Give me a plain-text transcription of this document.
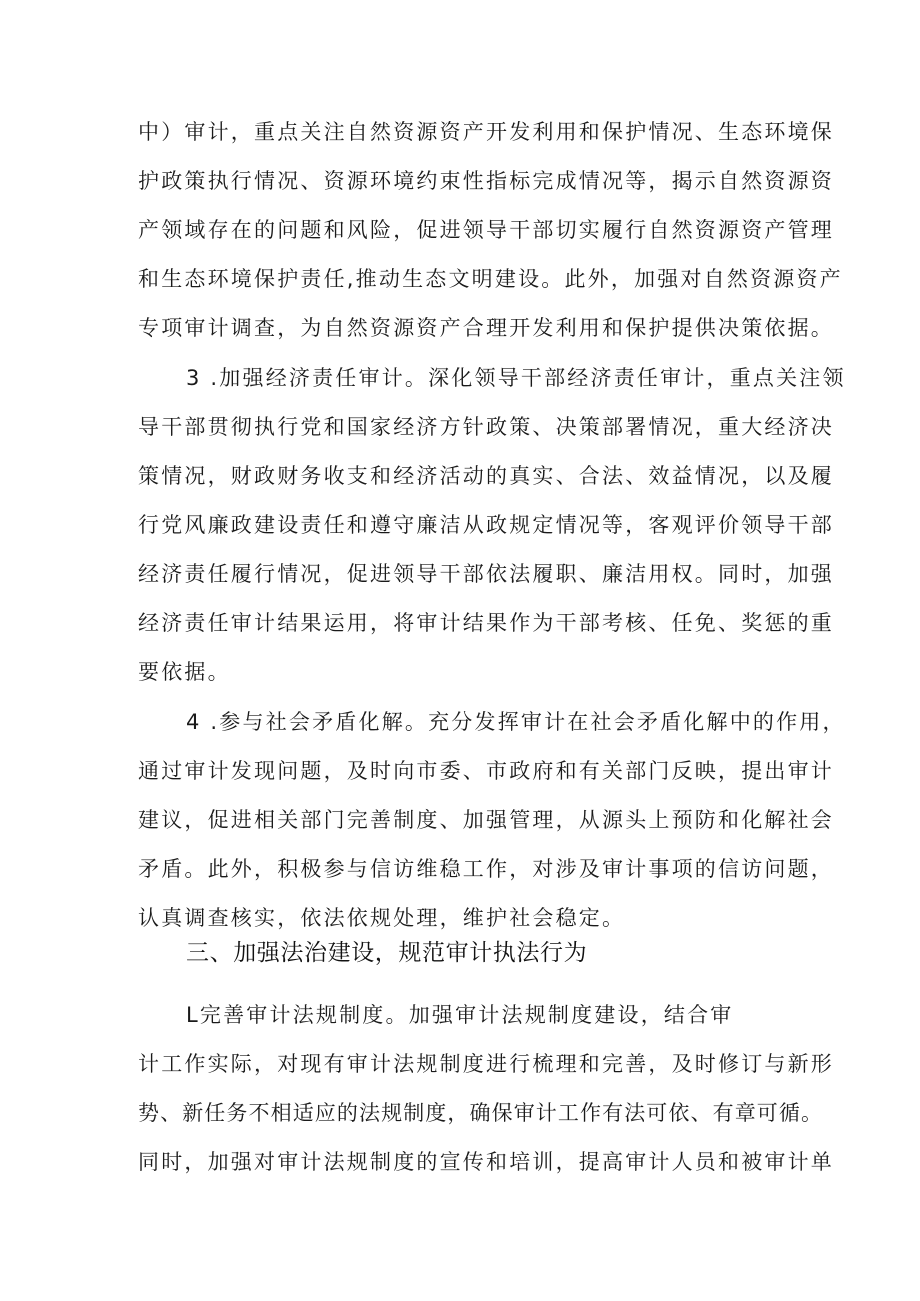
中）审计，重点关注自然资源资产开发利用和保护情况、生态环境保
护政策执行情况、资源环境约束性指标完成情况等，揭示自然资源资
产领域存在的问题和风险，促进领导干部切实履行自然资源资产管理
和生态环境保护责任,推动生态文明建设。此外，加强对自然资源资产
专项审计调查，为自然资源资产合理开发利用和保护提供决策依据。
3 .加强经济责任审计。深化领导干部经济责任审计，重点关注领
导干部贯彻执行党和国家经济方针政策、决策部署情况，重大经济决
策情况，财政财务收支和经济活动的真实、合法、效益情况，以及履
行党风廉政建设责任和遵守廉洁从政规定情况等，客观评价领导干部
经济责任履行情况，促进领导干部依法履职、廉洁用权。同时，加强
经济责任审计结果运用，将审计结果作为干部考核、任免、奖惩的重
要依据。
4 .参与社会矛盾化解。充分发挥审计在社会矛盾化解中的作用，
通过审计发现问题，及时向市委、市政府和有关部门反映，提出审计
建议，促进相关部门完善制度、加强管理，从源头上预防和化解社会
矛盾。此外，积极参与信访维稳工作，对涉及审计事项的信访问题，
认真调查核实，依法依规处理，维护社会稳定。
三、加强法治建设，规范审计执法行为
L完善审计法规制度。加强审计法规制度建设，结合审
计工作实际，对现有审计法规制度进行梳理和完善，及时修订与新形
势、新任务不相适应的法规制度，确保审计工作有法可依、有章可循。
同时，加强对审计法规制度的宣传和培训，提高审计人员和被审计单
